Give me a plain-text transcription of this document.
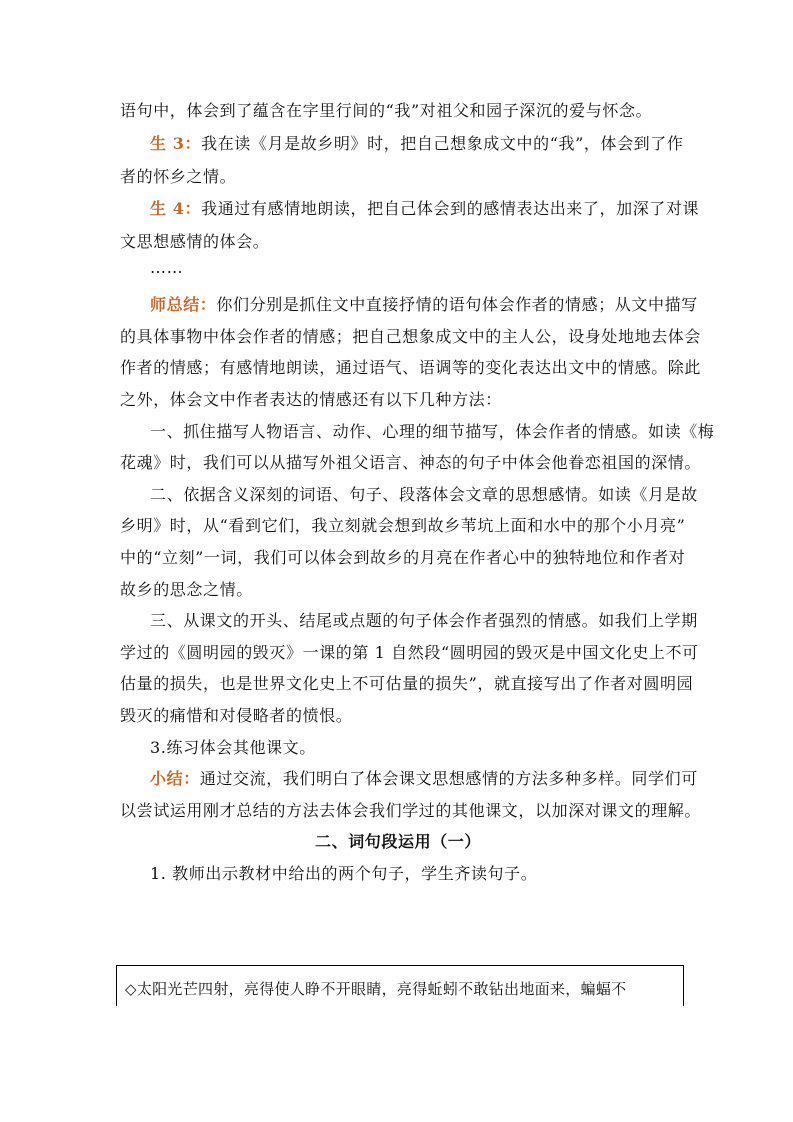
语句中，体会到了蕴含在字里行间的“我”对祖父和园子深沉的爱与怀念。
生 3：我在读《月是故乡明》时，把自己想象成文中的“我”，体会到了作
者的怀乡之情。
生 4：我通过有感情地朗读，把自己体会到的感情表达出来了，加深了对课
文思想感情的体会。
……
师总结：你们分别是抓住文中直接抒情的语句体会作者的情感；从文中描写
的具体事物中体会作者的情感；把自己想象成文中的主人公，设身处地地去体会
作者的情感；有感情地朗读，通过语气、语调等的变化表达出文中的情感。除此
之外，体会文中作者表达的情感还有以下几种方法：
一、抓住描写人物语言、动作、心理的细节描写，体会作者的情感。如读《梅
花魂》时，我们可以从描写外祖父语言、神态的句子中体会他眷恋祖国的深情。
二、依据含义深刻的词语、句子、段落体会文章的思想感情。如读《月是故
乡明》时，从“看到它们，我立刻就会想到故乡苇坑上面和水中的那个小月亮”
中的“立刻”一词，我们可以体会到故乡的月亮在作者心中的独特地位和作者对
故乡的思念之情。
三、从课文的开头、结尾或点题的句子体会作者强烈的情感。如我们上学期
学过的《圆明园的毁灭》一课的第 1 自然段“圆明园的毁灭是中国文化史上不可
估量的损失，也是世界文化史上不可估量的损失”，就直接写出了作者对圆明园
毁灭的痛惜和对侵略者的愤恨。
3.练习体会其他课文。
小结：通过交流，我们明白了体会课文思想感情的方法多种多样。同学们可
以尝试运用刚才总结的方法去体会我们学过的其他课文，以加深对课文的理解。
二、词句段运用（一）
1. 教师出示教材中给出的两个句子，学生齐读句子。
◇太阳光芒四射，亮得使人睁不开眼睛，亮得蚯蚓不敢钻出地面来，蝙蝠不
